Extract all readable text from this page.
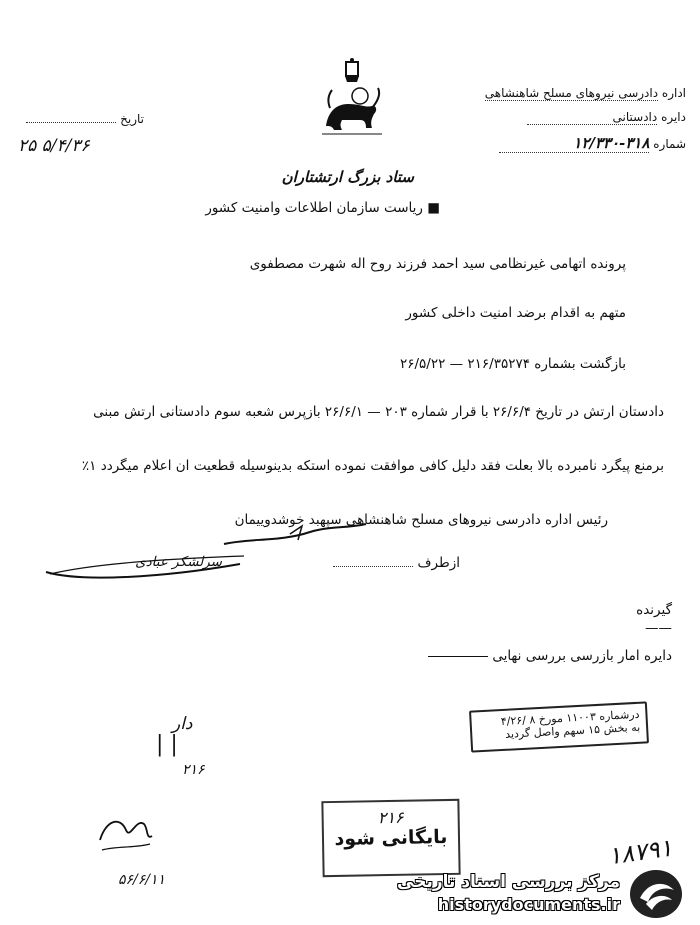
ستاد بزرگ ارتشتاران
اداره دادرسی نیروهای مسلح شاهنشاهی
دایره دادستانی
شماره ۱۲/۳۳۰-۳۱۸
تاریخ
۵/۴/۳۶ ۲۵
■ ریاست سازمان اطلاعات وامنیت کشور
پرونده اتهامی غیرنظامی سید احمد فرزند روح اله شهرت مصطفوی
متهم به اقدام برضد امنیت داخلی کشور
بازگشت بشماره ۲۱۶/۳۵۲۷۴ — ۲۶/۵/۲۲
دادستان ارتش در تاریخ ۲۶/۶/۴ با قرار شماره ۲۰۳ — ۲۶/۶/۱ بازپرس شعبه سوم دادستانی ارتش مبنی
برمنع پیگرد نامبرده بالا بعلت فقد دلیل کافی موافقت نموده استکه بدینوسیله قطعیت ان اعلام میگردد ۱٪
رئیس اداره دادرسی نیروهای مسلح شاهنشاهی سپهبد خوشدوییمان
ازطرف
سرلشکر عبادی
گیرنده
——
دایره امار بازرسی بررسی نهایی
درشماره ۱۱۰۰۳ مورخ ۸ /۴/۲۶
به بخش ۱۵ سهم واصل گردید
دار
| |
۲۱۶
۲۱۶
بایگانی شود
۵۶/۶/۱۱
۱۸۷۹۱
مرکز بررسی اسناد تاریخی
historydocuments.ir
